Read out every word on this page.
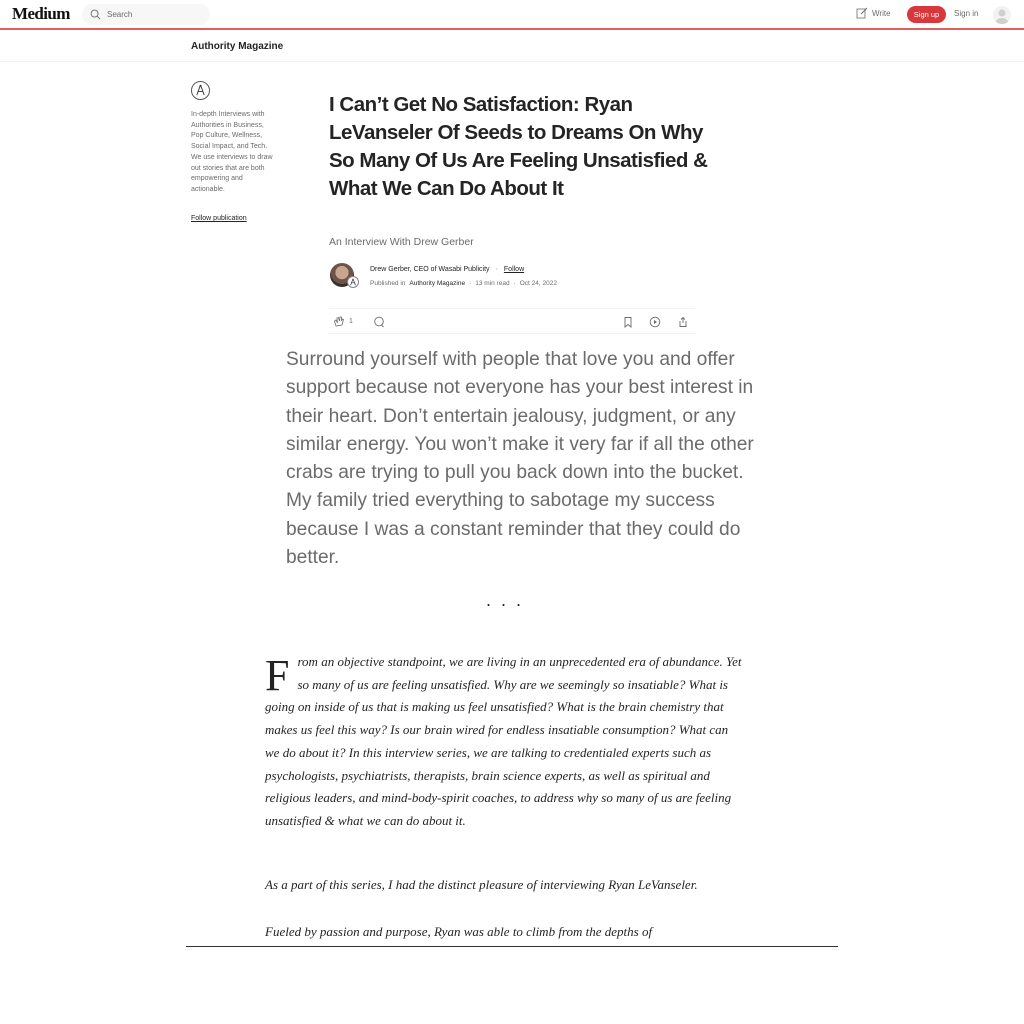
Medium
Search	Write	Sign up	Sign in
Authority Magazine
In-depth Interviews with Authorities in Business, Pop Culture, Wellness, Social Impact, and Tech. We use interviews to draw out stories that are both empowering and actionable.
Follow publication
I Can’t Get No Satisfaction: Ryan LeVanseler Of Seeds to Dreams On Why So Many Of Us Are Feeling Unsatisfied & What We Can Do About It
An Interview With Drew Gerber
Drew Gerber, CEO of Wasabi Publicity · Follow
Published in Authority Magazine · 13 min read · Oct 24, 2022
1
Surround yourself with people that love you and offer support because not everyone has your best interest in their heart. Don’t entertain jealousy, judgment, or any similar energy. You won’t make it very far if all the other crabs are trying to pull you back down into the bucket. My family tried everything to sabotage my success because I was a constant reminder that they could do better.
...
F rom an objective standpoint, we are living in an unprecedented era of abundance. Yet so many of us are feeling unsatisfied. Why are we seemingly so insatiable? What is going on inside of us that is making us feel unsatisfied? What is the brain chemistry that makes us feel this way? Is our brain wired for endless insatiable consumption? What can we do about it? In this interview series, we are talking to credentialed experts such as psychologists, psychiatrists, therapists, brain science experts, as well as spiritual and religious leaders, and mind-body-spirit coaches, to address why so many of us are feeling unsatisfied & what we can do about it.

As a part of this series, I had the distinct pleasure of interviewing Ryan LeVanseler.

Fueled by passion and purpose, Ryan was able to climb from the depths of
